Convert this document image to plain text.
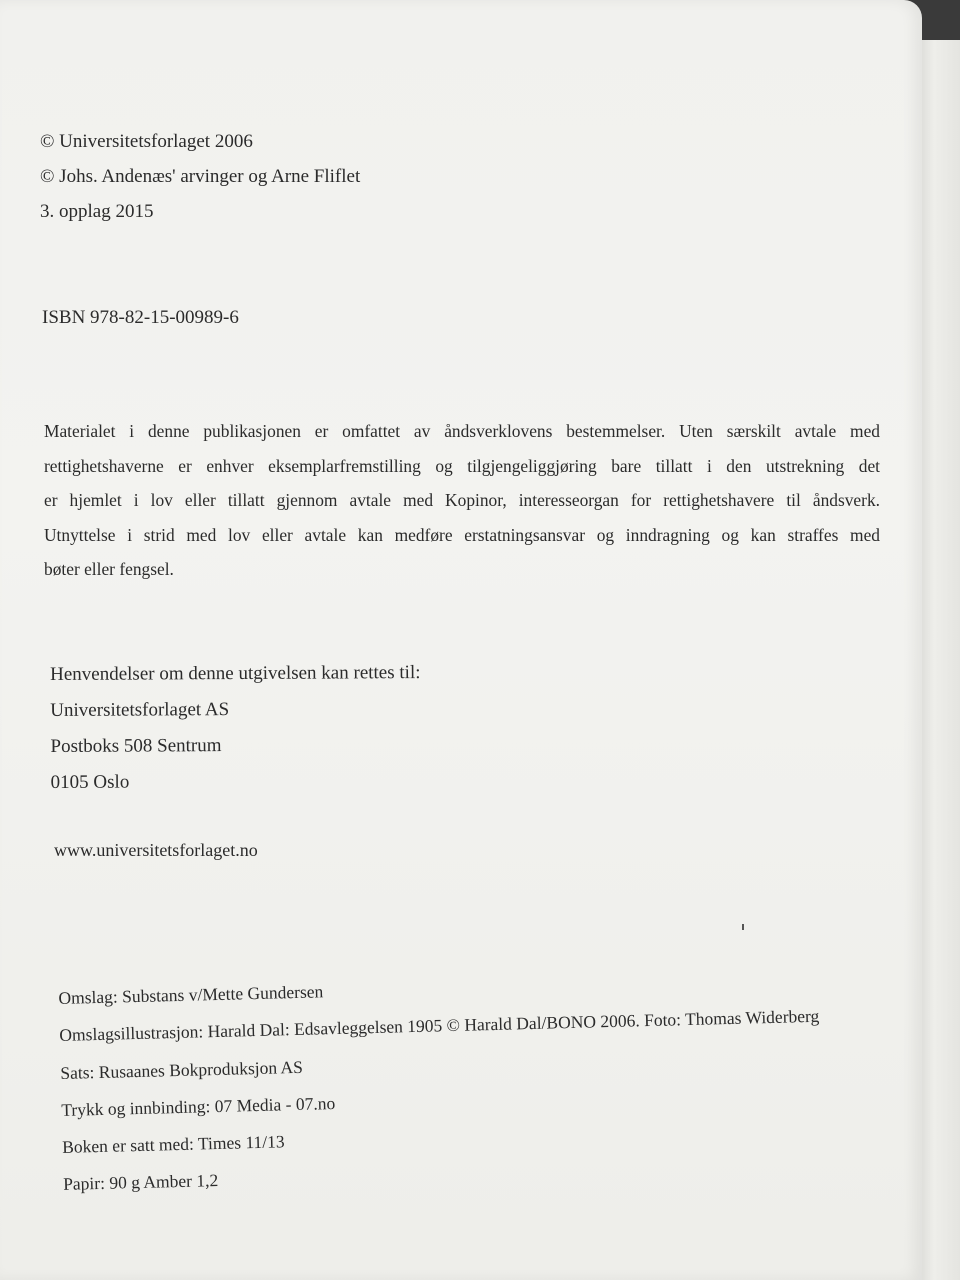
© Universitetsforlaget 2006
© Johs. Andenæs' arvinger og Arne Fliflet
3. opplag 2015
ISBN 978-82-15-00989-6
Materialet i denne publikasjonen er omfattet av åndsverklovens bestemmelser. Uten særskilt avtale med
rettighetshaverne er enhver eksemplarfremstilling og tilgjengeliggjøring bare tillatt i den utstrekning det
er hjemlet i lov eller tillatt gjennom avtale med Kopinor, interesseorgan for rettighetshavere til åndsverk.
Utnyttelse i strid med lov eller avtale kan medføre erstatningsansvar og inndragning og kan straffes med
bøter eller fengsel.
Henvendelser om denne utgivelsen kan rettes til:
Universitetsforlaget AS
Postboks 508 Sentrum
0105 Oslo
www.universitetsforlaget.no
Omslag: Substans v/Mette Gundersen
Omslagsillustrasjon: Harald Dal: Edsavleggelsen 1905 © Harald Dal/BONO 2006. Foto: Thomas Widerberg
Sats: Rusaanes Bokproduksjon AS
Trykk og innbinding: 07 Media - 07.no
Boken er satt med: Times 11/13
Papir: 90 g Amber 1,2
